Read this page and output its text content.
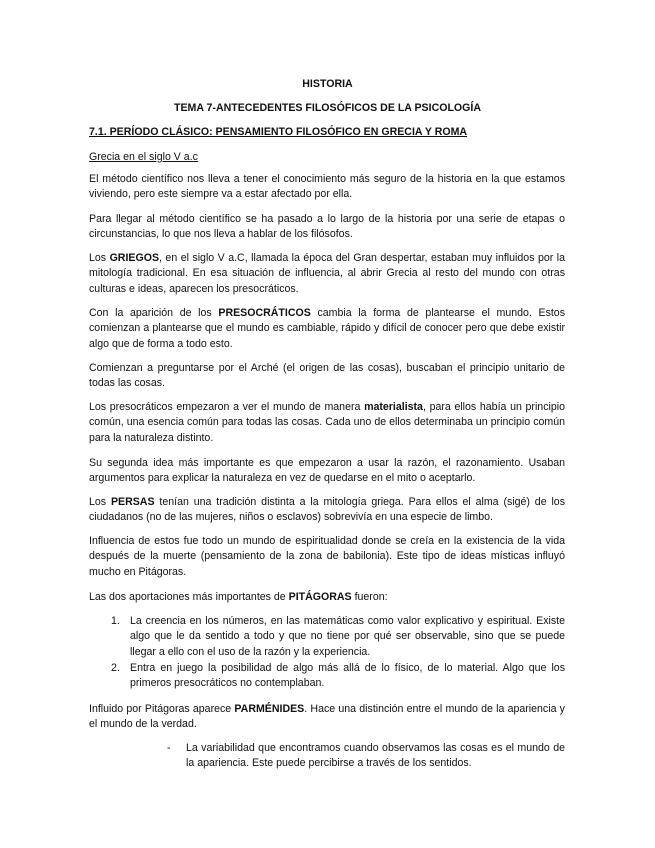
HISTORIA
TEMA 7-ANTECEDENTES FILOSÓFICOS DE LA PSICOLOGÍA
7.1. PERÍODO CLÁSICO: PENSAMIENTO FILOSÓFICO EN GRECIA Y ROMA
Grecia en el siglo V a.c
El método científico nos lleva a tener el conocimiento más seguro de la historia en la que estamos viviendo, pero este siempre va a estar afectado por ella.
Para llegar al método científico se ha pasado a lo largo de la historia por una serie de etapas o circunstancias, lo que nos lleva a hablar de los filósofos.
Los GRIEGOS, en el siglo V a.C, llamada la época del Gran despertar, estaban muy influidos por la mitología tradicional. En esa situación de influencia, al abrir Grecia al resto del mundo con otras culturas e ideas, aparecen los presocráticos.
Con la aparición de los PRESOCRÁTICOS cambia la forma de plantearse el mundo. Estos comienzan a plantearse que el mundo es cambiable, rápido y difícil de conocer pero que debe existir algo que de forma a todo esto.
Comienzan a preguntarse por el Arché (el origen de las cosas), buscaban el principio unitario de todas las cosas.
Los presocráticos empezaron a ver el mundo de manera materialista, para ellos había un principio común, una esencia común para todas las cosas. Cada uno de ellos determinaba un principio común para la naturaleza distinto.
Su segunda idea más importante es que empezaron a usar la razón, el razonamiento. Usaban argumentos para explicar la naturaleza en vez de quedarse en el mito o aceptarlo.
Los PERSAS tenían una tradición distinta a la mitología griega. Para ellos el alma (sigé) de los ciudadanos (no de las mujeres, niños o esclavos) sobrevivía en una especie de limbo.
Influencia de estos fue todo un mundo de espiritualidad donde se creía en la existencia de la vida después de la muerte (pensamiento de la zona de babilonia). Este tipo de ideas místicas influyó mucho en Pitágoras.
Las dos aportaciones más importantes de PITÁGORAS fueron:
1. La creencia en los números, en las matemáticas como valor explicativo y espiritual. Existe algo que le da sentido a todo y que no tiene por qué ser observable, sino que se puede llegar a ello con el uso de la razón y la experiencia.
2. Entra en juego la posibilidad de algo más allá de lo físico, de lo material. Algo que los primeros presocráticos no contemplaban.
Influido por Pitágoras aparece PARMÉNIDES. Hace una distinción entre el mundo de la apariencia y el mundo de la verdad.
- La variabilidad que encontramos cuando observamos las cosas es el mundo de la apariencia. Este puede percibirse a través de los sentidos.
